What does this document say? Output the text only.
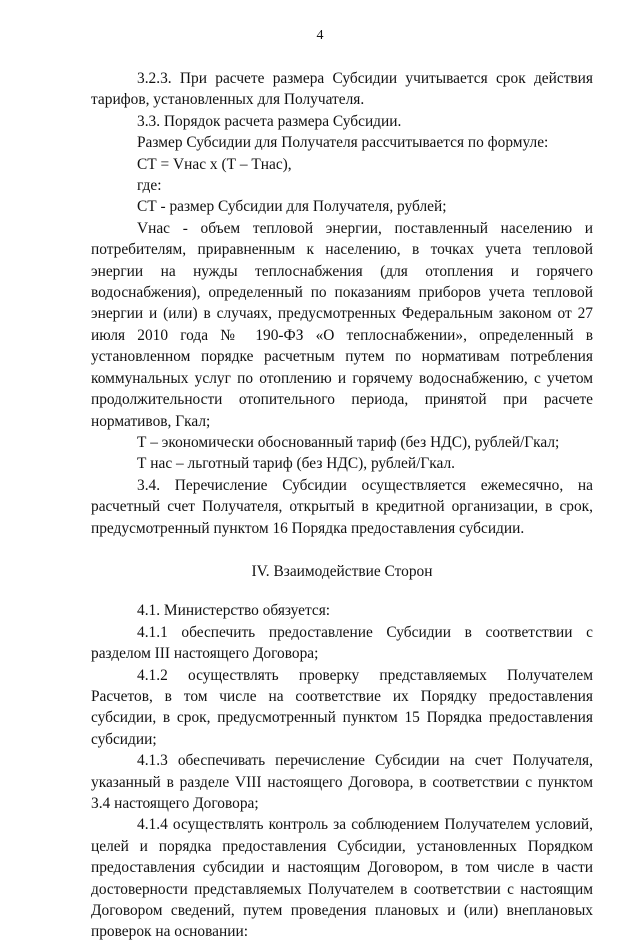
4

3.2.3. При расчете размера Субсидии учитывается срок действия тарифов, установленных для Получателя.

3.3. Порядок расчета размера Субсидии.

Размер Субсидии для Получателя рассчитывается по формуле:

СТ = Vнас x (Т – Тнас),

где:

СТ - размер Субсидии для Получателя, рублей;

Vнас - объем тепловой энергии, поставленный населению и потребителям, приравненным к населению, в точках учета тепловой энергии на нужды теплоснабжения (для отопления и горячего водоснабжения), определенный по показаниям приборов учета тепловой энергии и (или) в случаях, предусмотренных Федеральным законом от 27 июля 2010 года № 190-ФЗ «О теплоснабжении», определенный в установленном порядке расчетным путем по нормативам потребления коммунальных услуг по отоплению и горячему водоснабжению, с учетом продолжительности отопительного периода, принятой при расчете нормативов, Гкал;

Т – экономически обоснованный тариф (без НДС), рублей/Гкал;

Т нас – льготный тариф (без НДС), рублей/Гкал.

3.4. Перечисление Субсидии осуществляется ежемесячно, на расчетный счет Получателя, открытый в кредитной организации, в срок, предусмотренный пунктом 16 Порядка предоставления субсидии.

IV. Взаимодействие Сторон

4.1. Министерство обязуется:

4.1.1 обеспечить предоставление Субсидии в соответствии с разделом III настоящего Договора;

4.1.2 осуществлять проверку представляемых Получателем Расчетов, в том числе на соответствие их Порядку предоставления субсидии, в срок, предусмотренный пунктом 15 Порядка предоставления субсидии;

4.1.3 обеспечивать перечисление Субсидии на счет Получателя, указанный в разделе VIII настоящего Договора, в соответствии с пунктом 3.4 настоящего Договора;

4.1.4 осуществлять контроль за соблюдением Получателем условий, целей и порядка предоставления Субсидии, установленных Порядком предоставления субсидии и настоящим Договором, в том числе в части достоверности представляемых Получателем в соответствии с настоящим Договором сведений, путем проведения плановых и (или) внеплановых проверок на основании:
